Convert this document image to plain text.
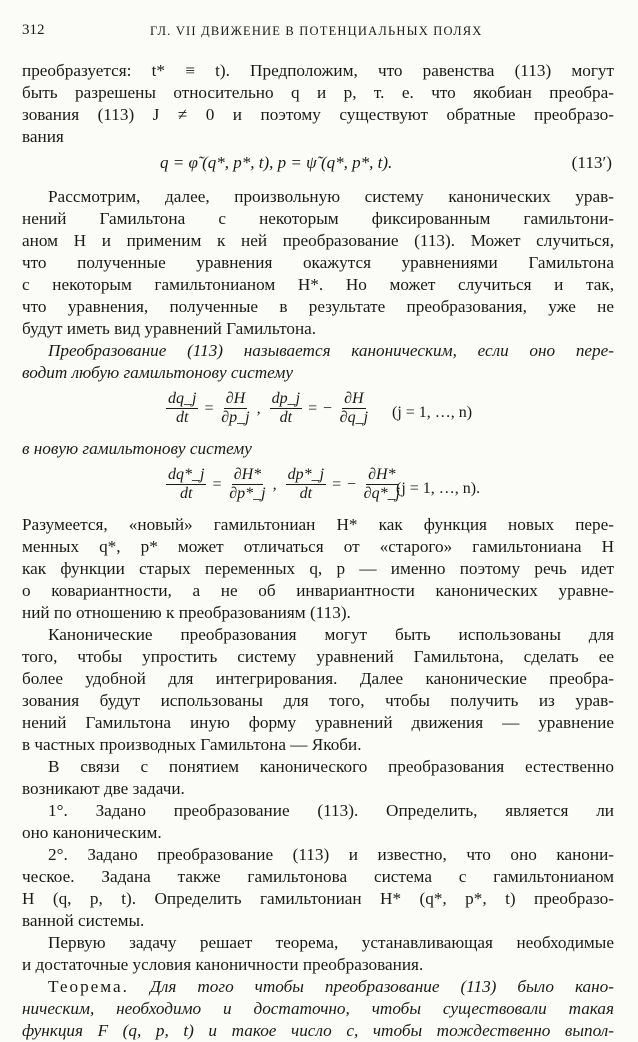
312	ГЛ. VII ДВИЖЕНИЕ В ПОТЕНЦИАЛЬНЫХ ПОЛЯХ

преобразуется: t* ≡ t). Предположим, что равенства (113) могут

быть разрешены относительно q и p, т. е. что якобиан преобра-

зования (113) J ≠ 0 и поэтому существуют обратные преобразо-

вания

q = φ̃ (q*, p*, t), p = ψ̃ (q*, p*, t).	(113′)

Рассмотрим, далее, произвольную систему канонических урав-

нений Гамильтона с некоторым фиксированным гамильтони-

аном H и применим к ней преобразование (113). Может случиться,

что полученные уравнения окажутся уравнениями Гамильтона

с некоторым гамильтонианом H*. Но может случиться и так,

что уравнения, полученные в результате преобразования, уже не

будут иметь вид уравнений Гамильтона.

Преобразование (113) называется каноническим, если оно пере-

водит любую гамильтонову систему

$\frac{dq\_j}{dt} = \frac{\partial H}{\partial p\_j}$ , $\frac{dp\_j}{dt}$ = − $\frac{\partial H}{\partial q\_j} (j = 1$, …, n)

в новую гамильтонову систему

$\frac{dq*\_j}{dt} = \frac{\partial H*}{\partial p*\_j}$ , $\frac{dp*\_j}{dt}$ = − $\frac{\partial H*}{\partial q*\_j}$
(j = 1, …, n).

Разумеется, «новый» гамильтониан H* как функция новых пере-

менных q*, p* может отличаться от «старого» гамильтониана H

как функции старых переменных q, p — именно поэтому речь идет

о ковариантности, а не об инвариантности канонических уравне-

ний по отношению к преобразованиям (113).

Канонические преобразования могут быть использованы для

того, чтобы упростить систему уравнений Гамильтона, сделать ее

более удобной для интегрирования. Далее канонические преобра-

зования будут использованы для того, чтобы получить из урав-

нений Гамильтона иную форму уравнений движения — уравнение

в частных производных Гамильтона — Якоби.

В связи с понятием канонического преобразования естественно

возникают две задачи.

1°. Задано преобразование (113). Определить, является ли

оно каноническим.

2°. Задано преобразование (113) и известно, что оно канони-

ческое. Задана также гамильтонова система с гамильтонианом

H (q, p, t). Определить гамильтониан H* (q*, p*, t) преобразо-

ванной системы.

Первую задачу решает теорема, устанавливающая необходимые

и достаточные условия каноничности преобразования.

Теорема. Для того чтобы преобразование (113) было кано-

ническим, необходимо и достаточно, чтобы существовали такая

функция F (q, p, t) и такое число c, чтобы тождественно выпол-
